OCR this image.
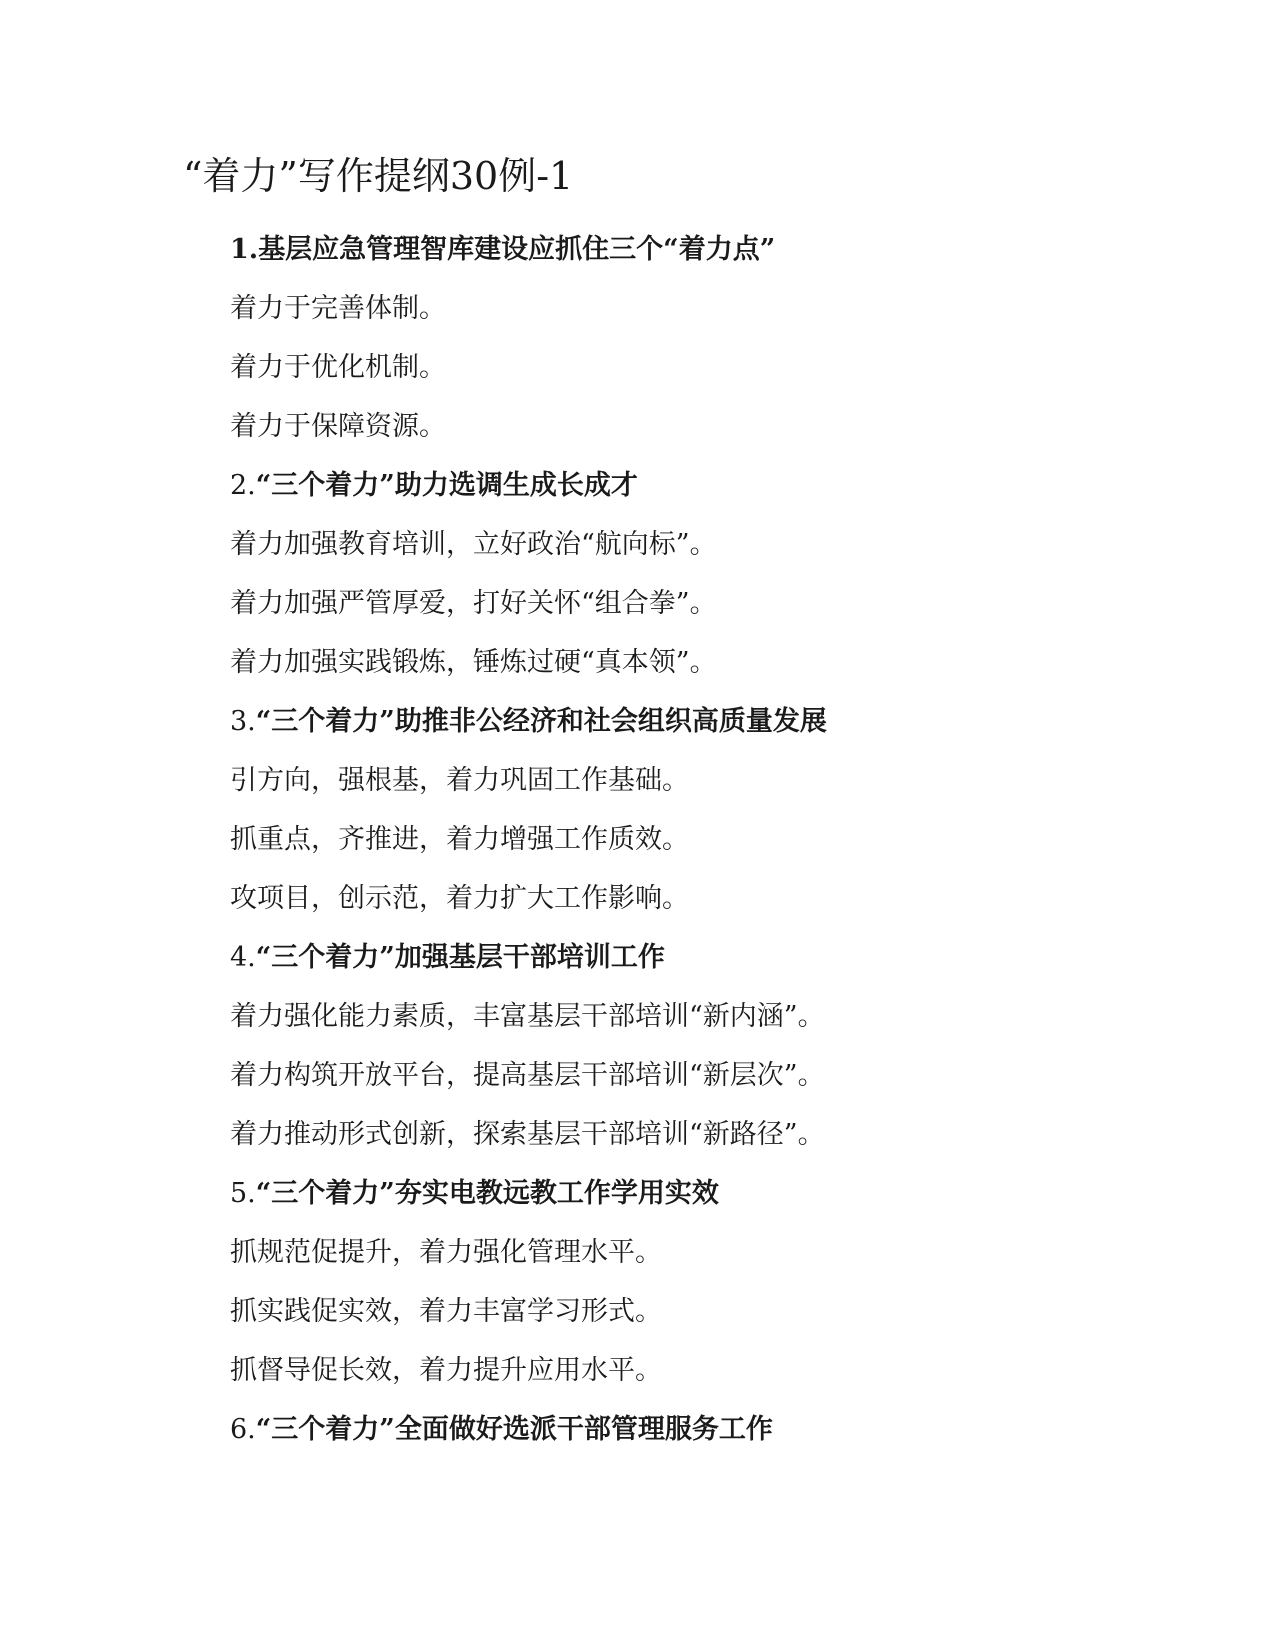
“着力”写作提纲30例-1
1.基层应急管理智库建设应抓住三个“着力点”
着力于完善体制。
着力于优化机制。
着力于保障资源。
2.“三个着力”助力选调生成长成才
着力加强教育培训，立好政治“航向标”。
着力加强严管厚爱，打好关怀“组合拳”。
着力加强实践锻炼，锤炼过硬“真本领”。
3.“三个着力”助推非公经济和社会组织高质量发展
引方向，强根基，着力巩固工作基础。
抓重点，齐推进，着力增强工作质效。
攻项目，创示范，着力扩大工作影响。
4.“三个着力”加强基层干部培训工作
着力强化能力素质，丰富基层干部培训“新内涵”。
着力构筑开放平台，提高基层干部培训“新层次”。
着力推动形式创新，探索基层干部培训“新路径”。
5.“三个着力”夯实电教远教工作学用实效
抓规范促提升，着力强化管理水平。
抓实践促实效，着力丰富学习形式。
抓督导促长效，着力提升应用水平。
6.“三个着力”全面做好选派干部管理服务工作
